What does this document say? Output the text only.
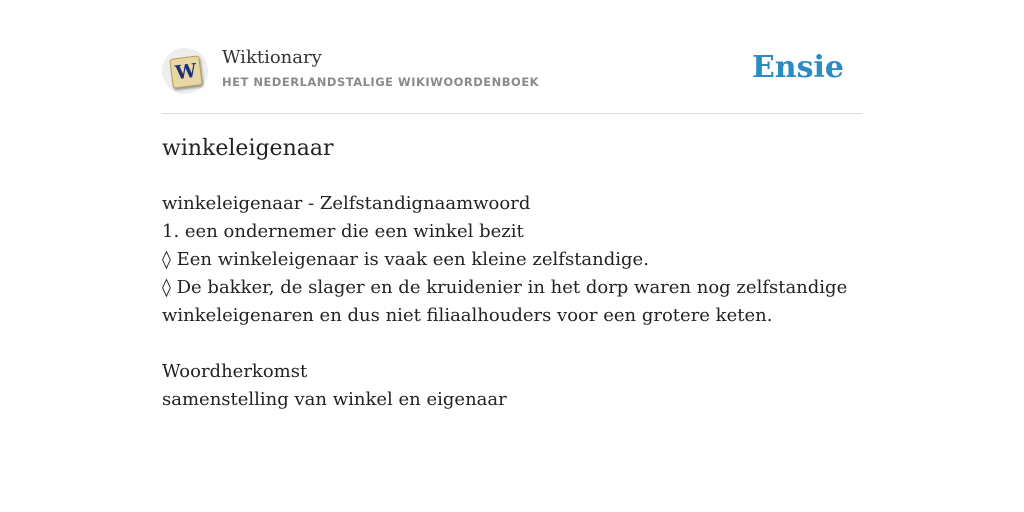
W
Wiktionary
HET NEDERLANDSTALIGE WIKIWOORDENBOEK	Ensie
winkeleigenaar
winkeleigenaar - Zelfstandignaamwoord
1. een ondernemer die een winkel bezit
◊ Een winkeleigenaar is vaak een kleine zelfstandige.
◊ De bakker, de slager en de kruidenier in het dorp waren nog zelfstandige winkeleigenaren en dus niet filiaalhouders voor een grotere keten.
Woordherkomst
samenstelling van winkel en eigenaar
